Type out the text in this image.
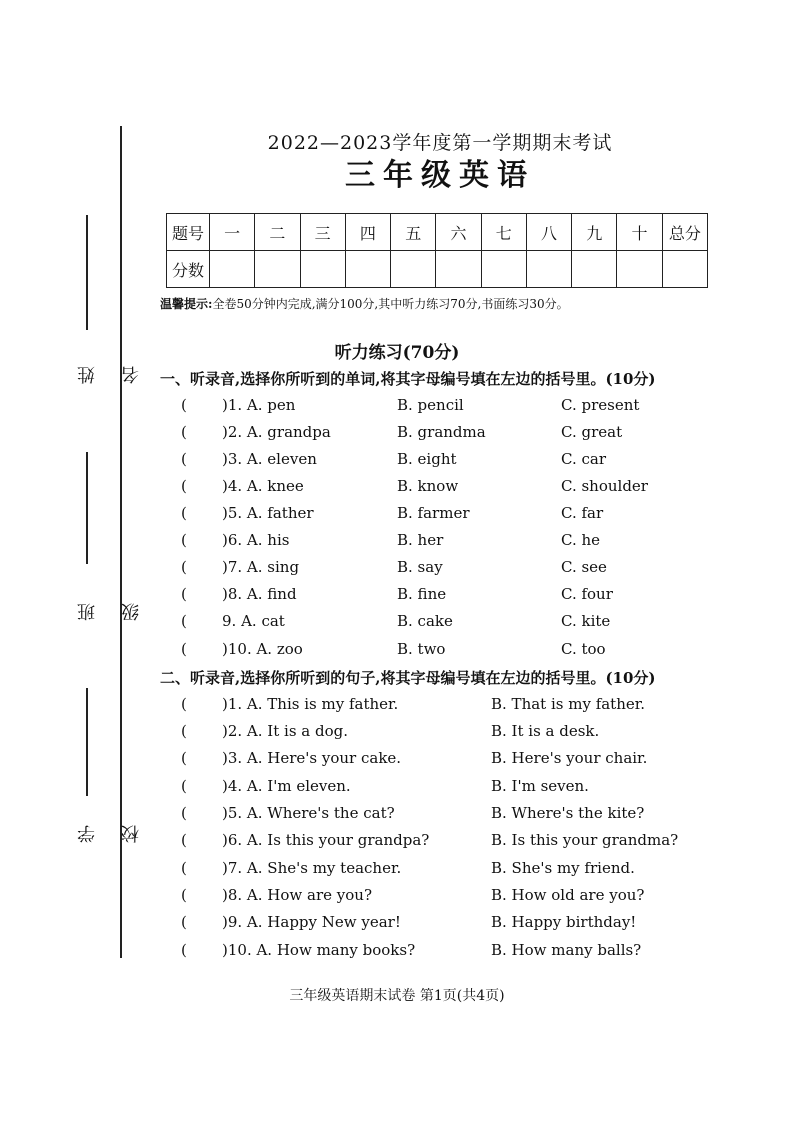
姓名
班级
学校
2022—2023学年度第一学期期末考试
三年级英语
题号	一	二	三	四	五	六	七	八	九	十	总分
分数											
温馨提示:全卷50分钟内完成,满分100分,其中听力练习70分,书面练习30分。
听力练习(70分)
一、听录音,选择你所听到的单词,将其字母编号填在左边的括号里。(10分)
( )1. A. pen	B. pencil	C. present
( )2. A. grandpa	B. grandma	C. great
( )3. A. eleven	B. eight	C. car
( )4. A. knee	B. know	C. shoulder
( )5. A. father	B. farmer	C. far
( )6. A. his	B. her	C. he
( )7. A. sing	B. say	C. see
( )8. A. find	B. fine	C. four
( 9. A. cat	B. cake	C. kite
( )10. A. zoo	B. two	C. too
二、听录音,选择你所听到的句子,将其字母编号填在左边的括号里。(10分)
( )1. A. This is my father.	B. That is my father.
( )2. A. It is a dog.	B. It is a desk.
( )3. A. Here's your cake.	B. Here's your chair.
( )4. A. I'm eleven.	B. I'm seven.
( )5. A. Where's the cat?	B. Where's the kite?
( )6. A. Is this your grandpa?	B. Is this your grandma?
( )7. A. She's my teacher.	B. She's my friend.
( )8. A. How are you?	B. How old are you?
( )9. A. Happy New year!	B. Happy birthday!
( )10. A. How many books?	B. How many balls?
三年级英语期末试卷 第1页(共4页)
